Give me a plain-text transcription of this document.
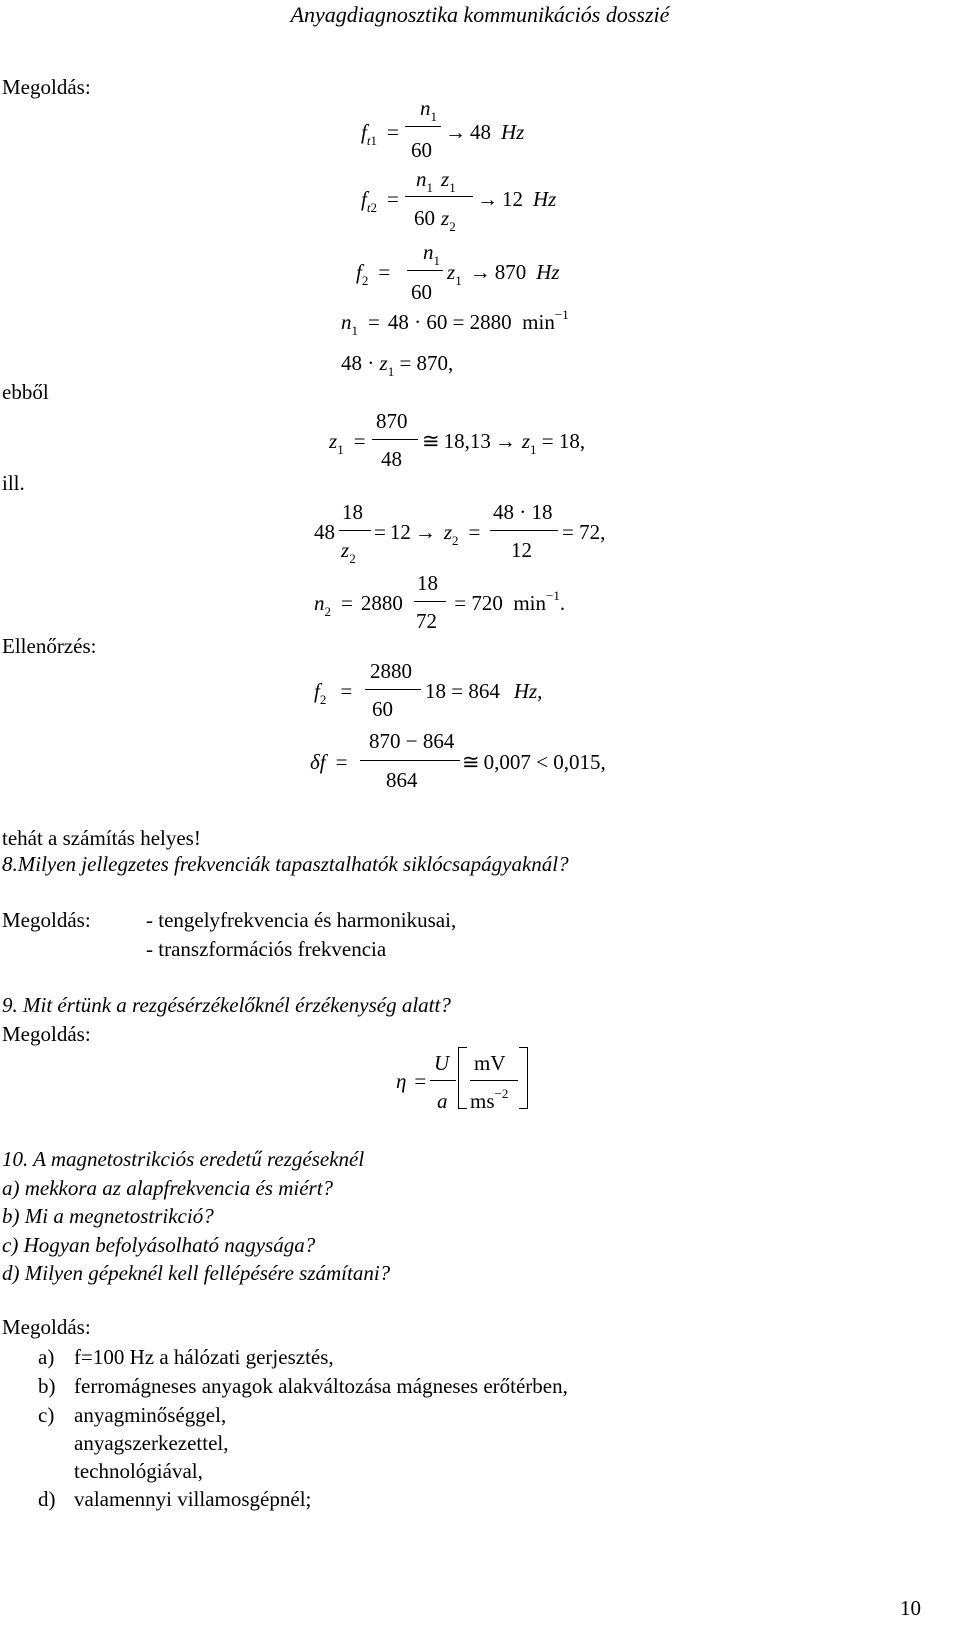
Anyagdiagnosztika kommunikációs dosszié
Megoldás:
ebből
ill.
Ellenőrzés:
tehát a számítás helyes!
$f_{t1}$ =
$n_1$
60
→ 48 Hz
$f_{t2}$ =
$n_1$ $z_1$
60 $z_2$
→ 12 Hz
$f_2$ =
$n_1$
60
$z_1 \to 870$ Hz
$n_1 = 48 \cdot 60 = 2880$  $\min^{-1}$
$48 \cdot z_1 = 870$,
$z_1$ =
870
48
≅ $18,13 \to z_1 = 18$,
48
18
$z_2$
= $12 \to z_2$ =
48 · 18
12
= 72,
$n_2 = 2880$
18
72
= 720  $\min^{-1}$.
$f_2$ =
2880
60
18 = 864 Hz,
δf =
870 − 864
864
≅ 0,007 < 0,015,
8.Milyen jellegzetes frekvenciák tapasztalhatók siklócsapágyaknál?
Megoldás:	- tengelyfrekvencia és harmonikusai,
- transzformációs frekvencia
9. Mit értünk a rezgésérzékelőknél érzékenység alatt?
Megoldás:
η =
U
a
mV
$ms^{-2}$
10. A magnetostrikciós eredetű rezgéseknél
a) mekkora az alapfrekvencia és miért?
b) Mi a megnetostrikció?
c) Hogyan befolyásolható nagysága?
d) Milyen gépeknél kell fellépésére számítani?
Megoldás:
a) f=100 Hz a hálózati gerjesztés,
b) ferromágneses anyagok alakváltozása mágneses erőtérben,
c) anyagminőséggel,
anyagszerkezettel,
technológiával,
d) valamennyi villamosgépnél;
10
